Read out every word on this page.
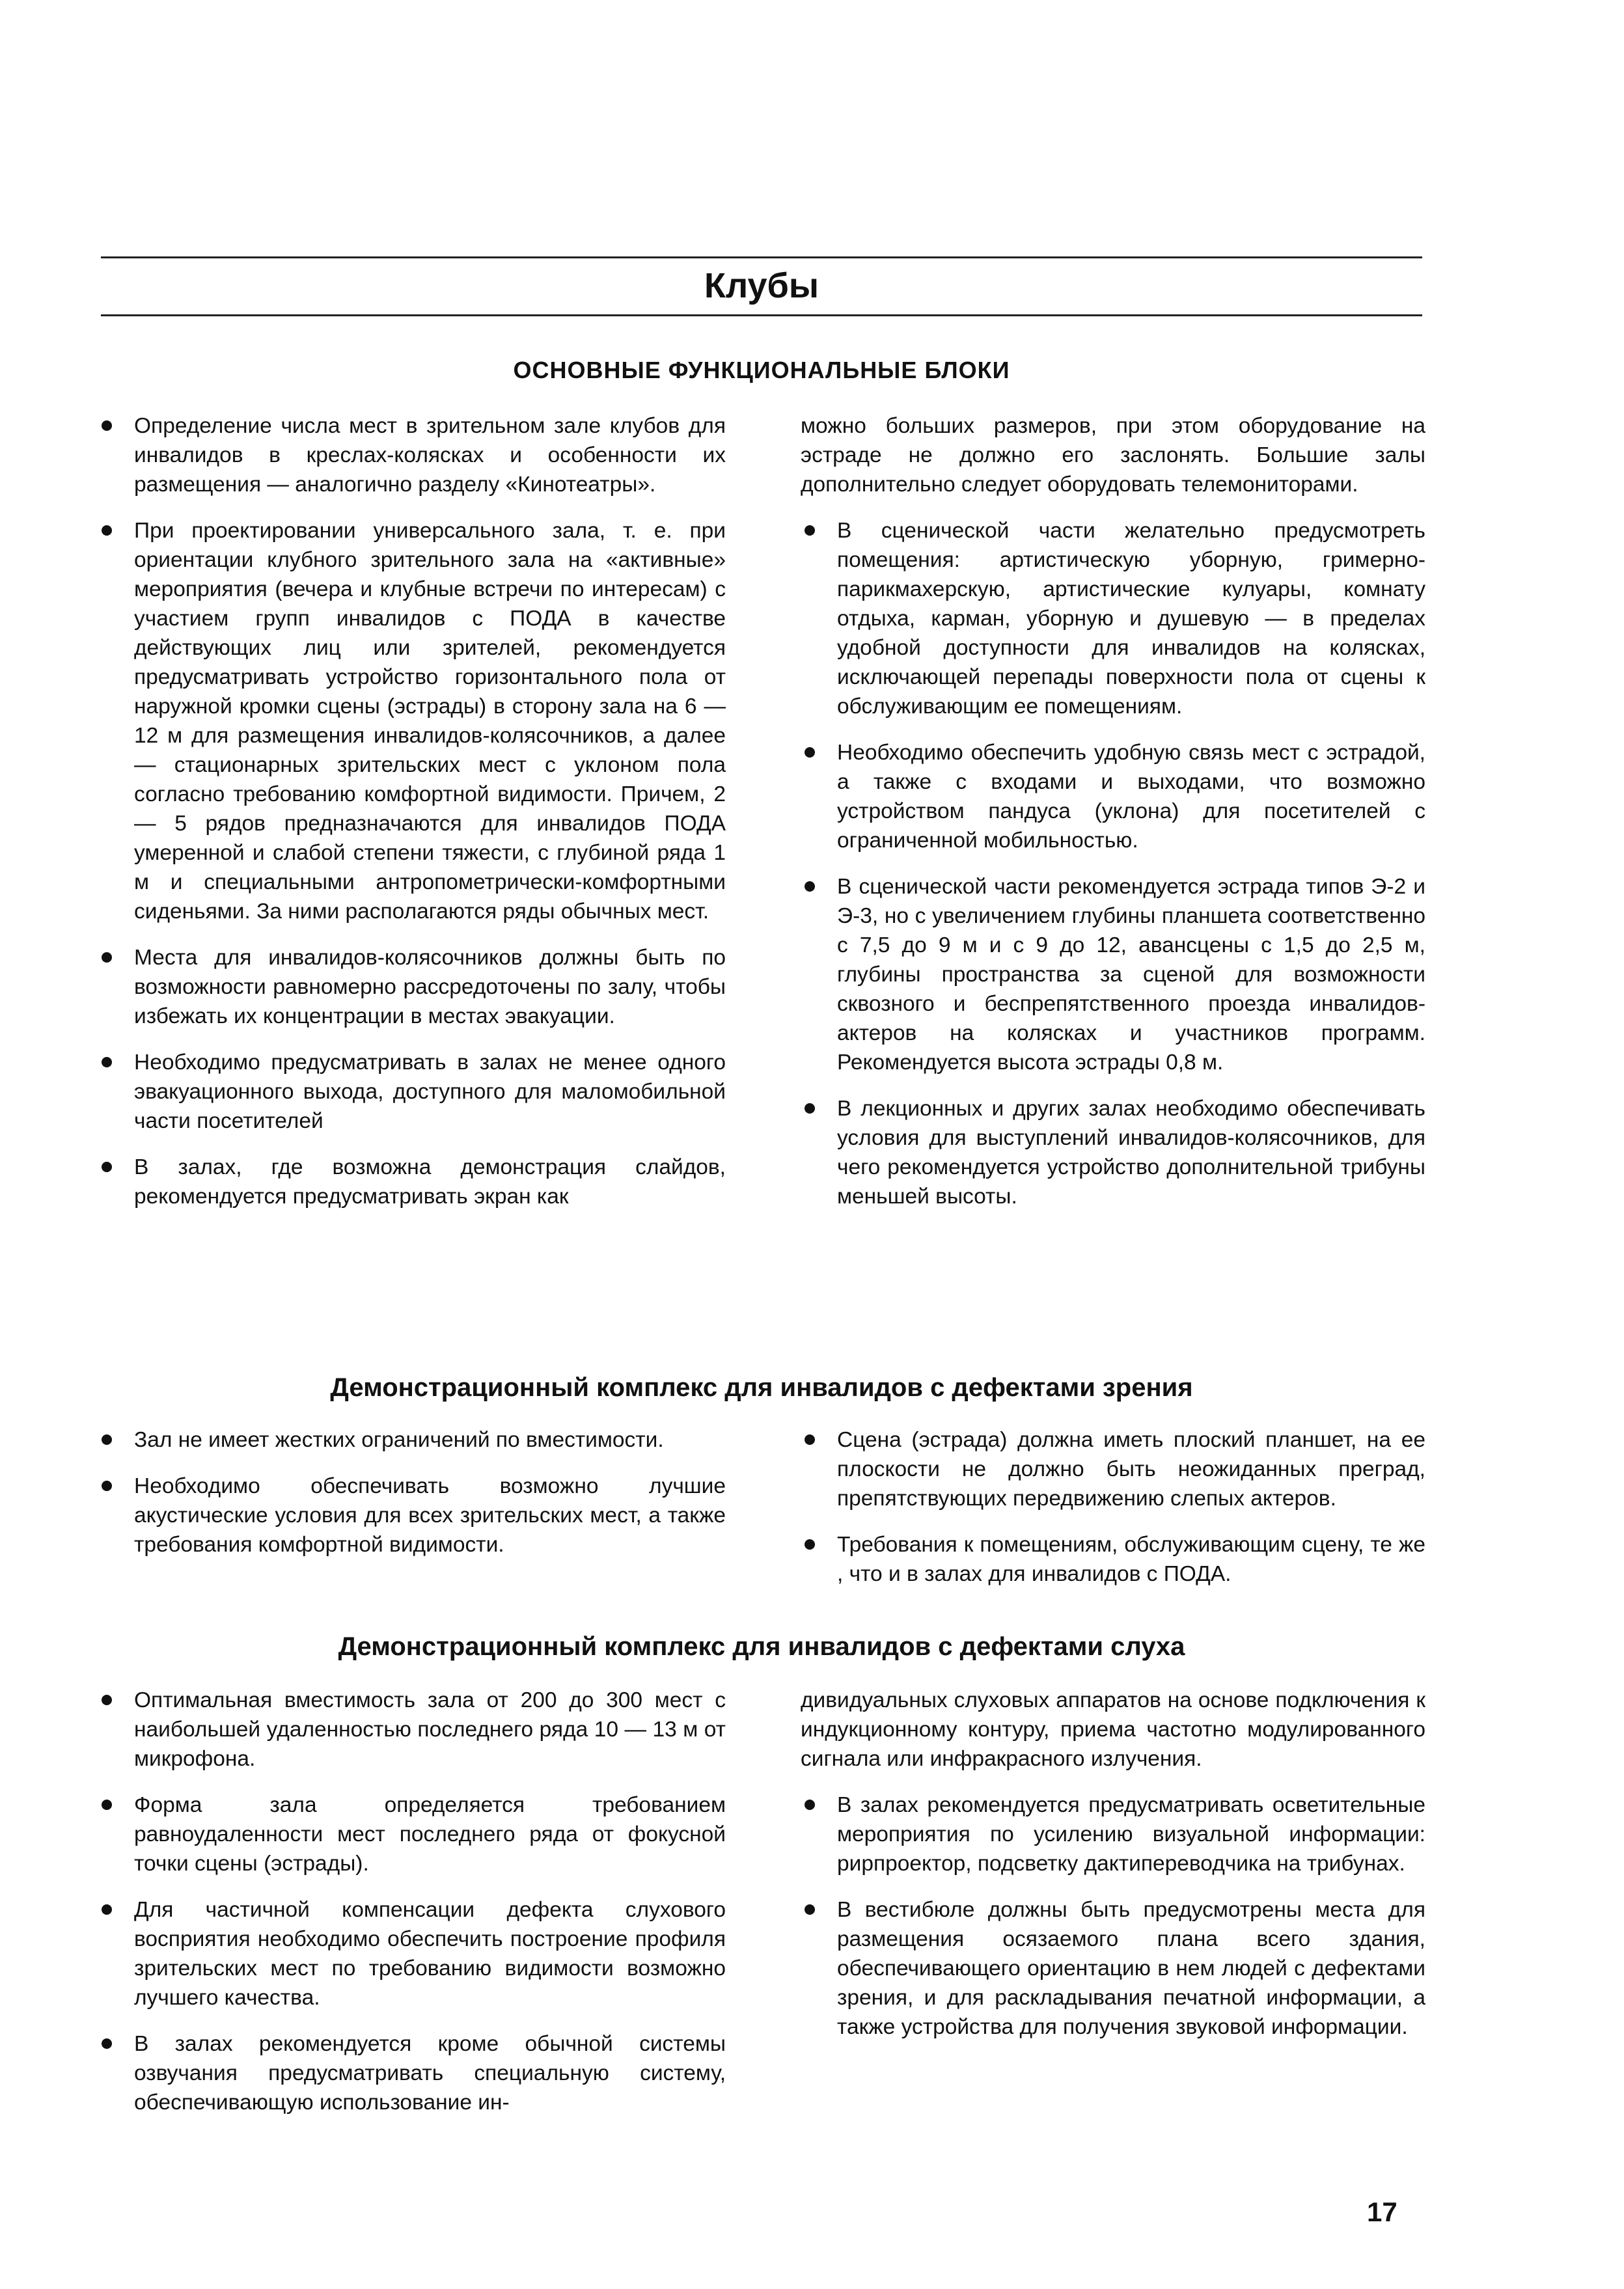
Клубы
ОСНОВНЫЕ ФУНКЦИОНАЛЬНЫЕ БЛОКИ
Определение числа мест в зрительном зале клубов для инвалидов в креслах-колясках и особенности их размещения — аналогично разделу «Кинотеатры».
При проектировании универсального зала, т. е. при ориентации клубного зрительного зала на «активные» мероприятия (вечера и клубные встречи по интересам) с участием групп инвалидов с ПОДА в качестве действующих лиц или зрителей, рекомендуется предусматривать устройство горизонтального пола от наружной кромки сцены (эстрады) в сторону зала на 6 — 12 м для размещения инвалидов-колясочников, а далее — стационарных зрительских мест с уклоном пола согласно требованию комфортной видимости. Причем, 2 — 5 рядов предназначаются для инвалидов ПОДА умеренной и слабой степени тяжести, с глубиной ряда 1 м и специальными антропометрически-комфортными сиденьями. За ними располагаются ряды обычных мест.
Места для инвалидов-колясочников должны быть по возможности равномерно рассредоточены по залу, чтобы избежать их концентрации в местах эвакуации.
Необходимо предусматривать в залах не менее одного эвакуационного выхода, доступного для маломобильной части посетителей
В залах, где возможна демонстрация слайдов, рекомендуется предусматривать экран как
можно больших размеров, при этом оборудование на эстраде не должно его заслонять. Большие залы дополнительно следует оборудовать телемониторами.
В сценической части желательно предусмотреть помещения: артистическую уборную, гримерно-парикмахерскую, артистические кулуары, комнату отдыха, карман, уборную и душевую — в пределах удобной доступности для инвалидов на колясках, исключающей перепады поверхности пола от сцены к обслуживающим ее помещениям.
Необходимо обеспечить удобную связь мест с эстрадой, а также с входами и выходами, что возможно устройством пандуса (уклона) для посетителей с ограниченной мобильностью.
В сценической части рекомендуется эстрада типов Э-2 и Э-3, но с увеличением глубины планшета соответственно с 7,5 до 9 м и с 9 до 12, авансцены с 1,5 до 2,5 м, глубины пространства за сценой для возможности сквозного и беспрепятственного проезда инвалидов-актеров на колясках и участников программ. Рекомендуется высота эстрады 0,8 м.
В лекционных и других залах необходимо обеспечивать условия для выступлений инвалидов-колясочников, для чего рекомендуется устройство дополнительной трибуны меньшей высоты.
Демонстрационный комплекс для инвалидов с дефектами зрения
Зал не имеет жестких ограничений по вместимости.
Необходимо обеспечивать возможно лучшие акустические условия для всех зрительских мест, а также требования комфортной видимости.
Сцена (эстрада) должна иметь плоский планшет, на ее плоскости не должно быть неожиданных преград, препятствующих передвижению слепых актеров.
Требования к помещениям, обслуживающим сцену, те же , что и в залах для инвалидов с ПОДА.
Демонстрационный комплекс для инвалидов с дефектами слуха
Оптимальная вместимость зала от 200 до 300 мест с наибольшей удаленностью последнего ряда 10 — 13 м от микрофона.
Форма зала определяется требованием равноудаленности мест последнего ряда от фокусной точки сцены (эстрады).
Для частичной компенсации дефекта слухового восприятия необходимо обеспечить построение профиля зрительских мест по требованию видимости возможно лучшего качества.
В залах рекомендуется кроме обычной системы озвучания предусматривать специальную систему, обеспечивающую использование ин-
дивидуальных слуховых аппаратов на основе подключения к индукционному контуру, приема частотно модулированного сигнала или инфракрасного излучения.
В залах рекомендуется предусматривать осветительные мероприятия по усилению визуальной информации: рирпроектор, подсветку дактипереводчика на трибунах.
В вестибюле должны быть предусмотрены места для размещения осязаемого плана всего здания, обеспечивающего ориентацию в нем людей с дефектами зрения, и для раскладывания печатной информации, а также устройства для получения звуковой информации.
17
